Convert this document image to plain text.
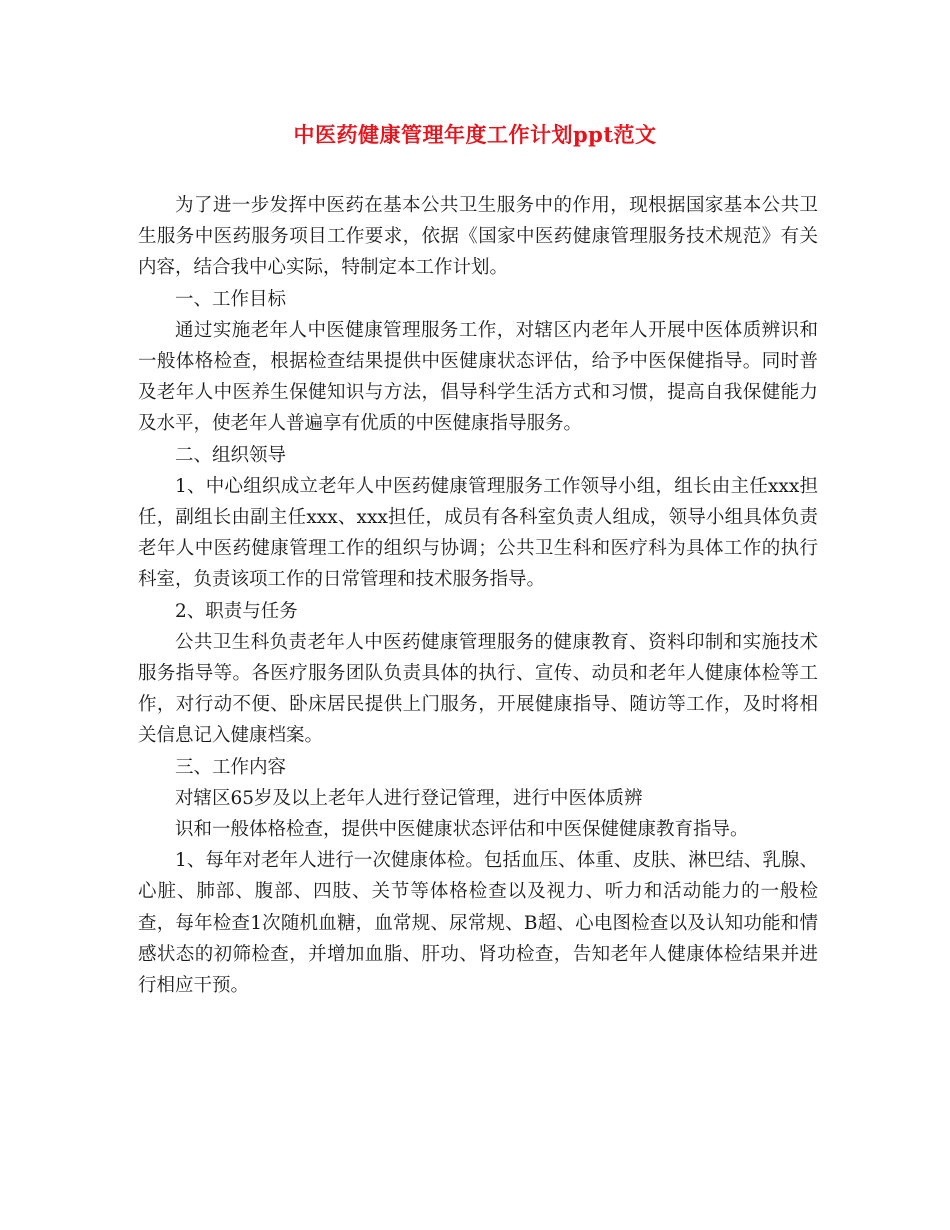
中医药健康管理年度工作计划ppt范文

为了进一步发挥中医药在基本公共卫生服务中的作用，现根据国家基本公共卫生服务中医药服务项目工作要求，依据《国家中医药健康管理服务技术规范》有关内容，结合我中心实际，特制定本工作计划。

一、工作目标

通过实施老年人中医健康管理服务工作，对辖区内老年人开展中医体质辨识和一般体格检查，根据检查结果提供中医健康状态评估，给予中医保健指导。同时普及老年人中医养生保健知识与方法，倡导科学生活方式和习惯，提高自我保健能力及水平，使老年人普遍享有优质的中医健康指导服务。

二、组织领导

1、中心组织成立老年人中医药健康管理服务工作领导小组，组长由主任xxx担任，副组长由副主任xxx、xxx担任，成员有各科室负责人组成，领导小组具体负责老年人中医药健康管理工作的组织与协调；公共卫生科和医疗科为具体工作的执行科室，负责该项工作的日常管理和技术服务指导。

2、职责与任务

公共卫生科负责老年人中医药健康管理服务的健康教育、资料印制和实施技术服务指导等。各医疗服务团队负责具体的执行、宣传、动员和老年人健康体检等工作，对行动不便、卧床居民提供上门服务，开展健康指导、随访等工作，及时将相关信息记入健康档案。

三、工作内容

对辖区65岁及以上老年人进行登记管理，进行中医体质辨

识和一般体格检查，提供中医健康状态评估和中医保健健康教育指导。

1、每年对老年人进行一次健康体检。包括血压、体重、皮肤、淋巴结、乳腺、心脏、肺部、腹部、四肢、关节等体格检查以及视力、听力和活动能力的一般检查，每年检查1次随机血糖，血常规、尿常规、B超、心电图检查以及认知功能和情感状态的初筛检查，并增加血脂、肝功、肾功检查，告知老年人健康体检结果并进行相应干预。
